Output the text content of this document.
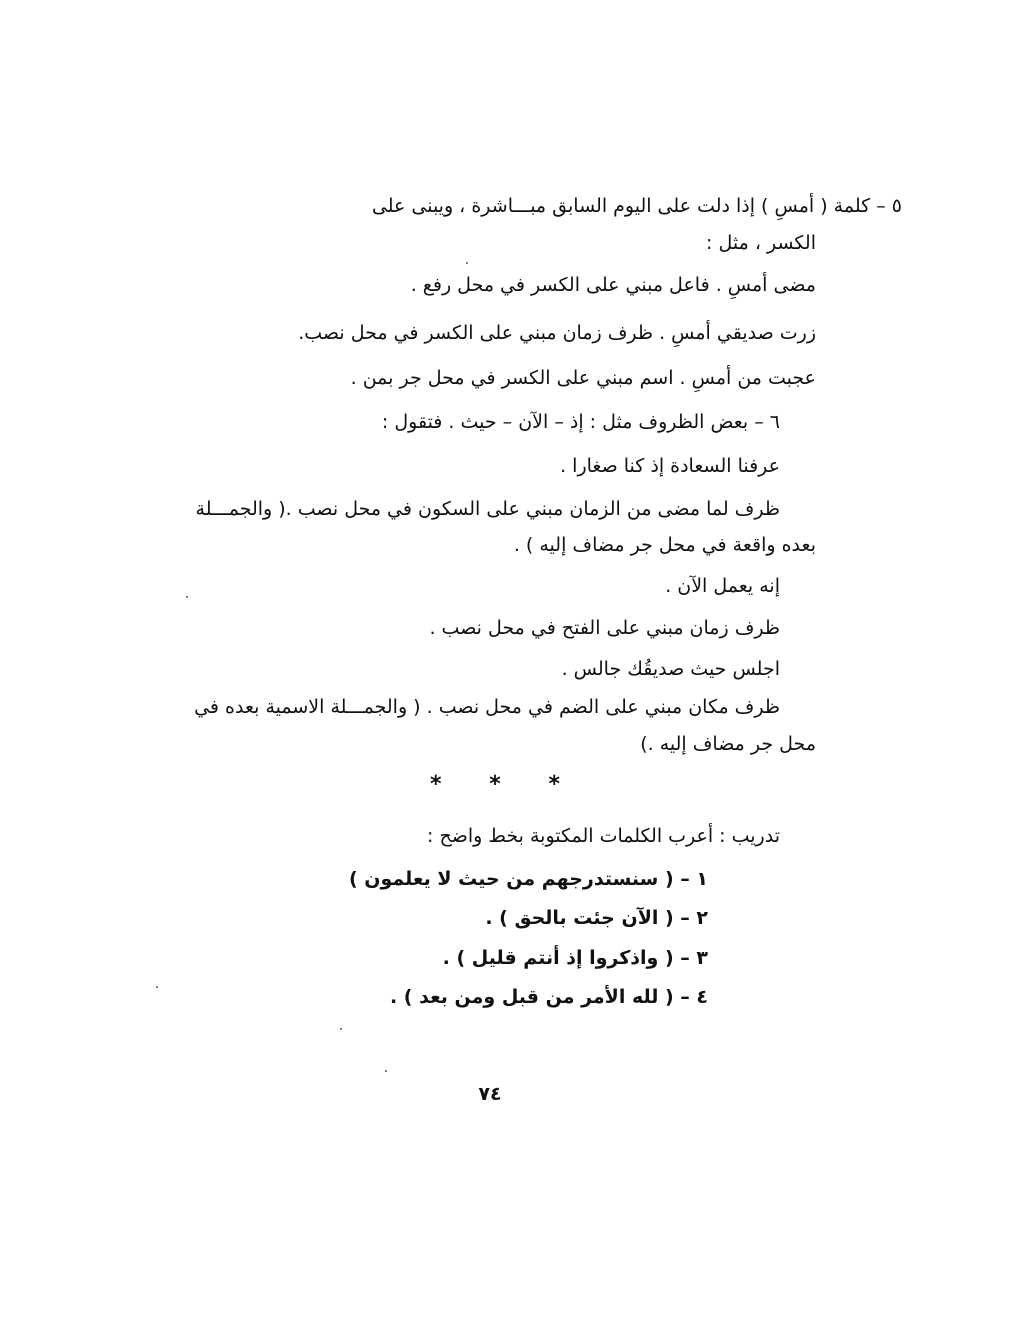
٥ – كلمة ( أمسِ ) إذا دلت على اليوم السابق مبـــاشرة ، ويبنى على
الكسر ، مثل :
مضى أمسِ . فاعل مبني على الكسر في محل رفع .
زرت صديقي أمسِ . ظرف زمان مبني على الكسر في محل نصب.
عجبت من أمسِ . اسم مبني على الكسر في محل جر بمن .
٦ – بعض الظروف مثل : إذ – الآن – حيث . فتقول :
عرفنا السعادة إذ كنا صغارا .
ظرف لما مضى من الزمان مبني على السكون في محل نصب .( والجمـــلة
بعده واقعة في محل جر مضاف إليه ) .
إنه يعمل الآن .
ظرف زمان مبني على الفتح في محل نصب .
اجلس حيث صديقُك جالس .
ظرف مكان مبني على الضم في محل نصب . ( والجمـــلة الاسمية بعده في
محل جر مضاف إليه .)
* * *
تدريب : أعرب الكلمات المكتوبة بخط واضح :
١ – ( سنستدرجهم من حيث لا يعلمون )
٢ – ( الآن جئت بالحق ) .
٣ – ( واذكروا إذ أنتم قليل ) .
٤ – ( لله الأمر من قبل ومن بعد ) .
٧٤
